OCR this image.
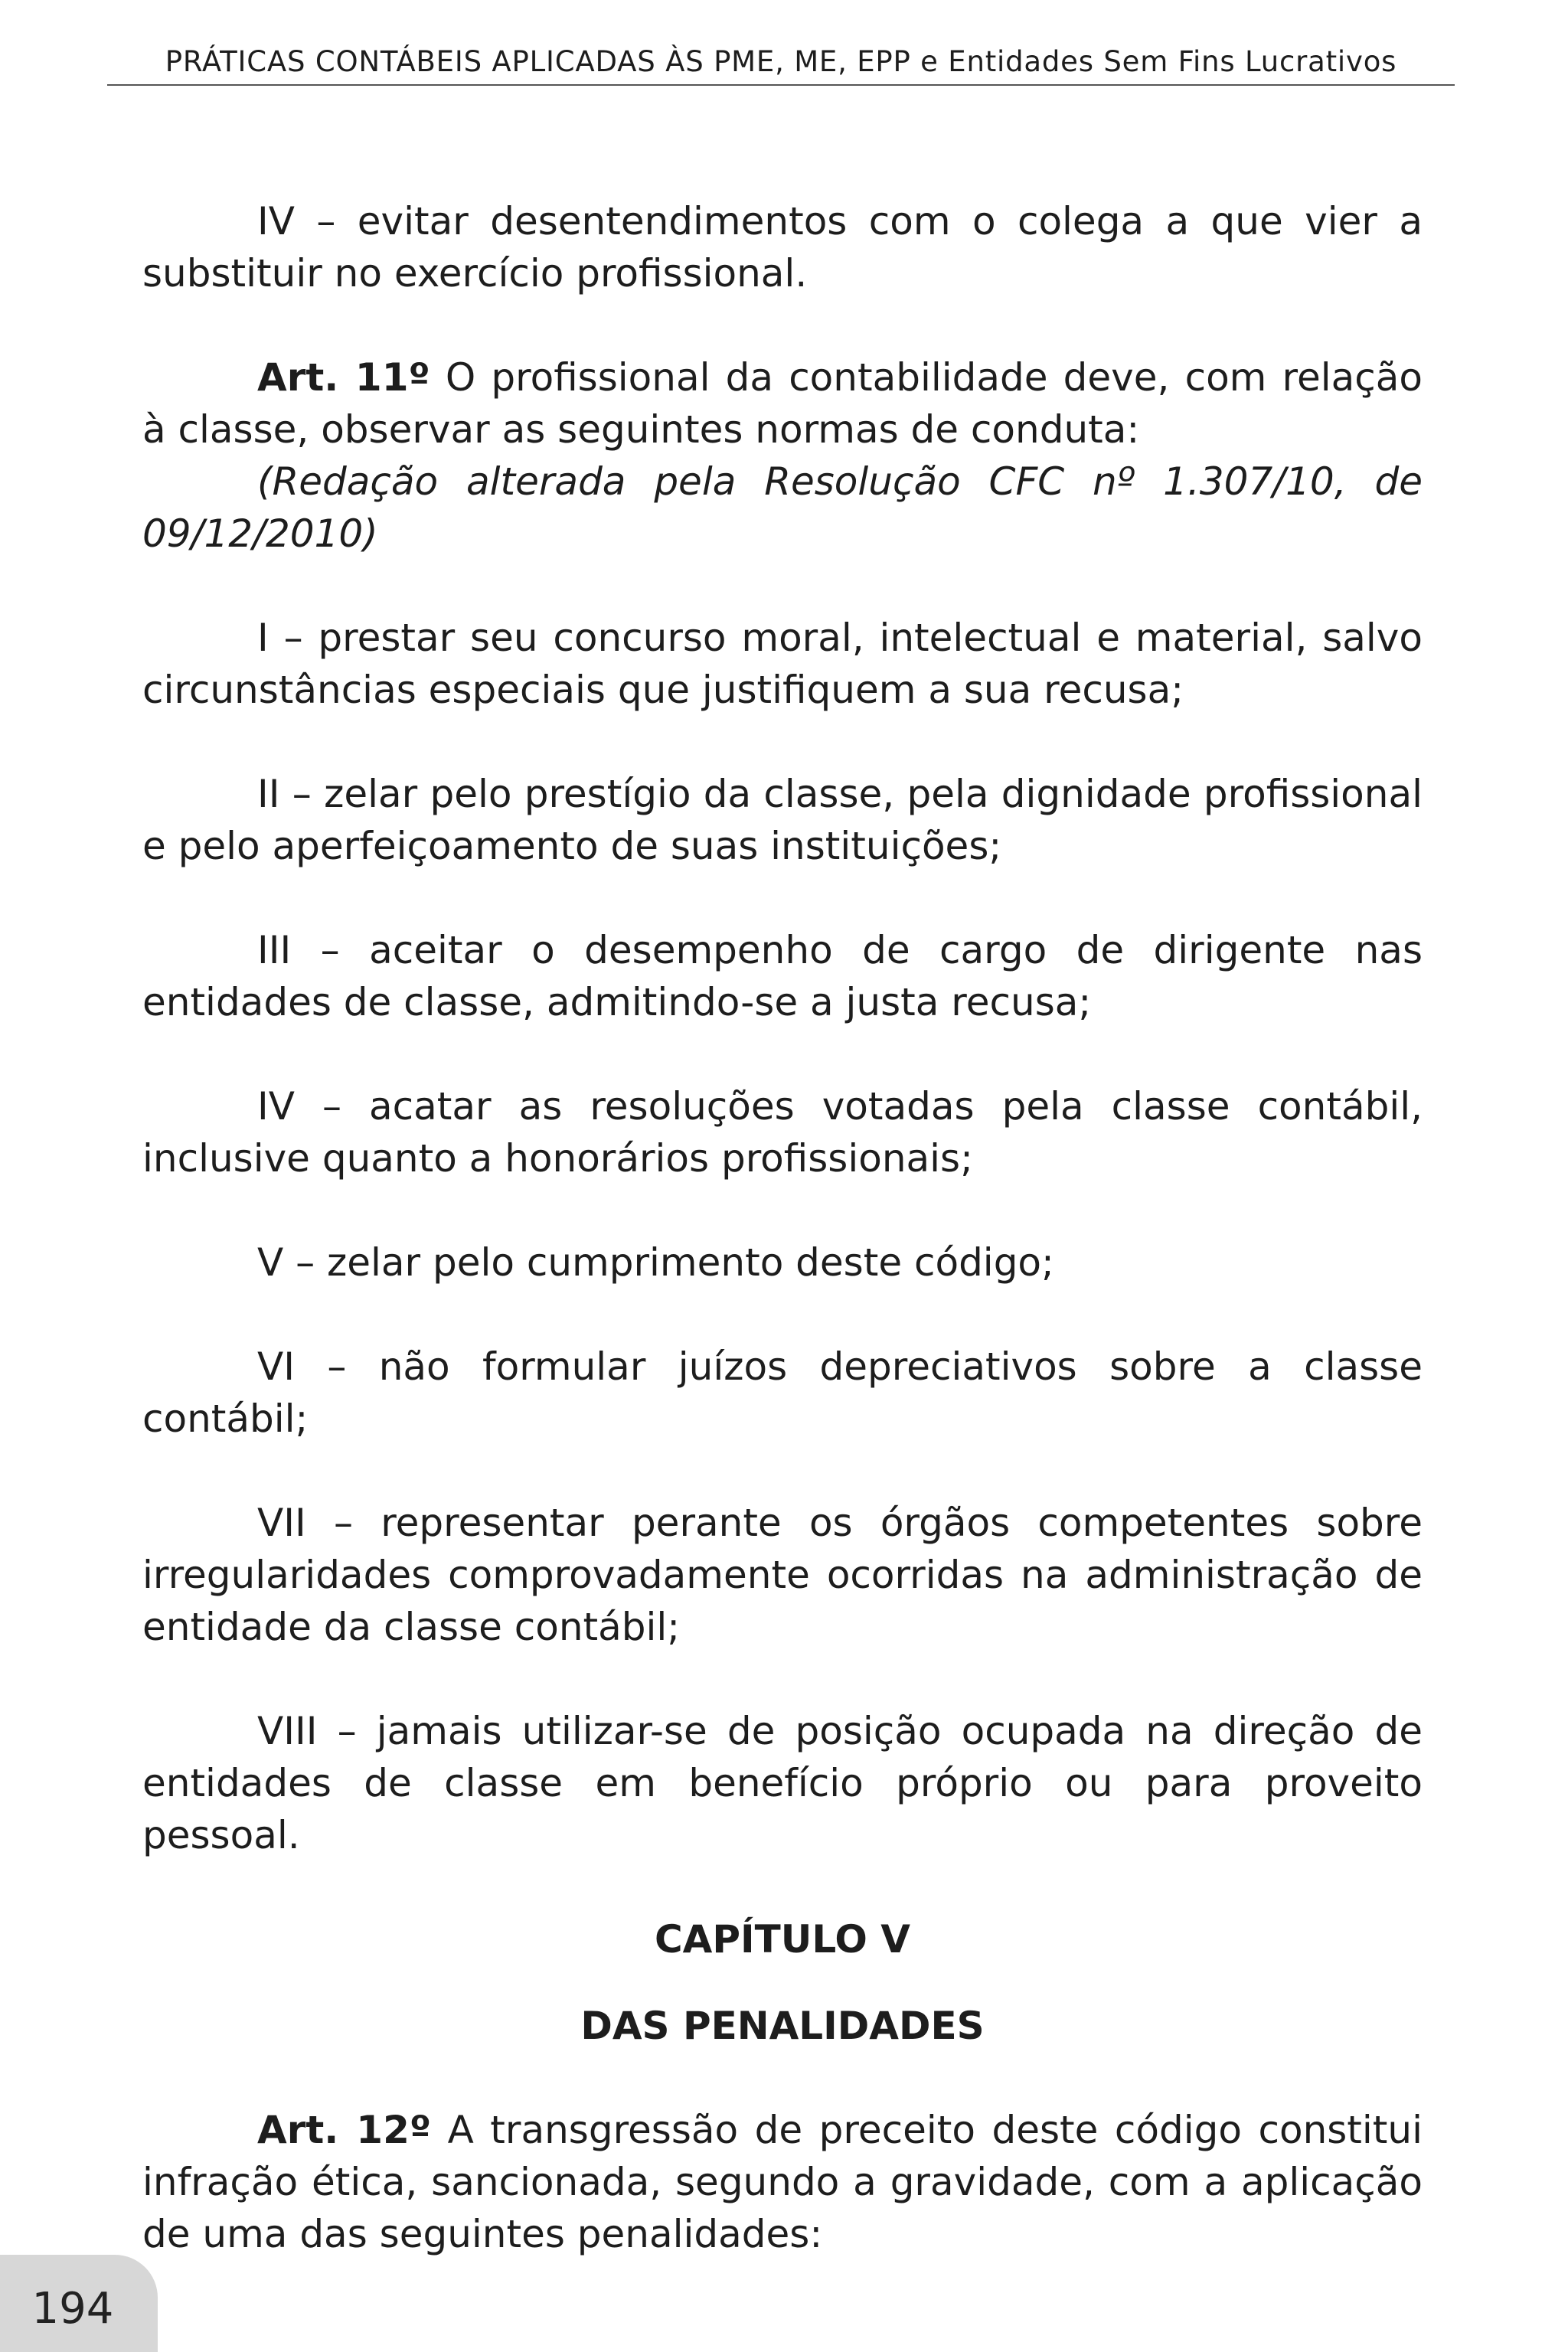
PRÁTICAS CONTÁBEIS APLICADAS ÀS PME, ME, EPP e Entidades Sem Fins Lucrativos

IV – evitar desentendimentos com o colega a que vier a substituir no exercício profissional.

Art. 11º O profissional da contabilidade deve, com relação à classe, observar as seguintes normas de conduta:

(Redação alterada pela Resolução CFC nº 1.307/10, de 09/12/2010)

I – prestar seu concurso moral, intelectual e material, salvo circunstâncias especiais que justifiquem a sua recusa;

II – zelar pelo prestígio da classe, pela dignidade profissional e pelo aperfeiçoamento de suas instituições;

III – aceitar o desempenho de cargo de dirigente nas entidades de classe, admitindo-se a justa recusa;

IV – acatar as resoluções votadas pela classe contábil, inclusive quanto a honorários profissionais;

V – zelar pelo cumprimento deste código;

VI – não formular juízos depreciativos sobre a classe contábil;

VII – representar perante os órgãos competentes sobre irregularidades comprovadamente ocorridas na administração de entidade da classe contábil;

VIII – jamais utilizar-se de posição ocupada na direção de entidades de classe em benefício próprio ou para proveito pessoal.

CAPÍTULO V

DAS PENALIDADES

Art. 12º A transgressão de preceito deste código constitui infração ética, sancionada, segundo a gravidade, com a aplicação de uma das seguintes penalidades:

194
